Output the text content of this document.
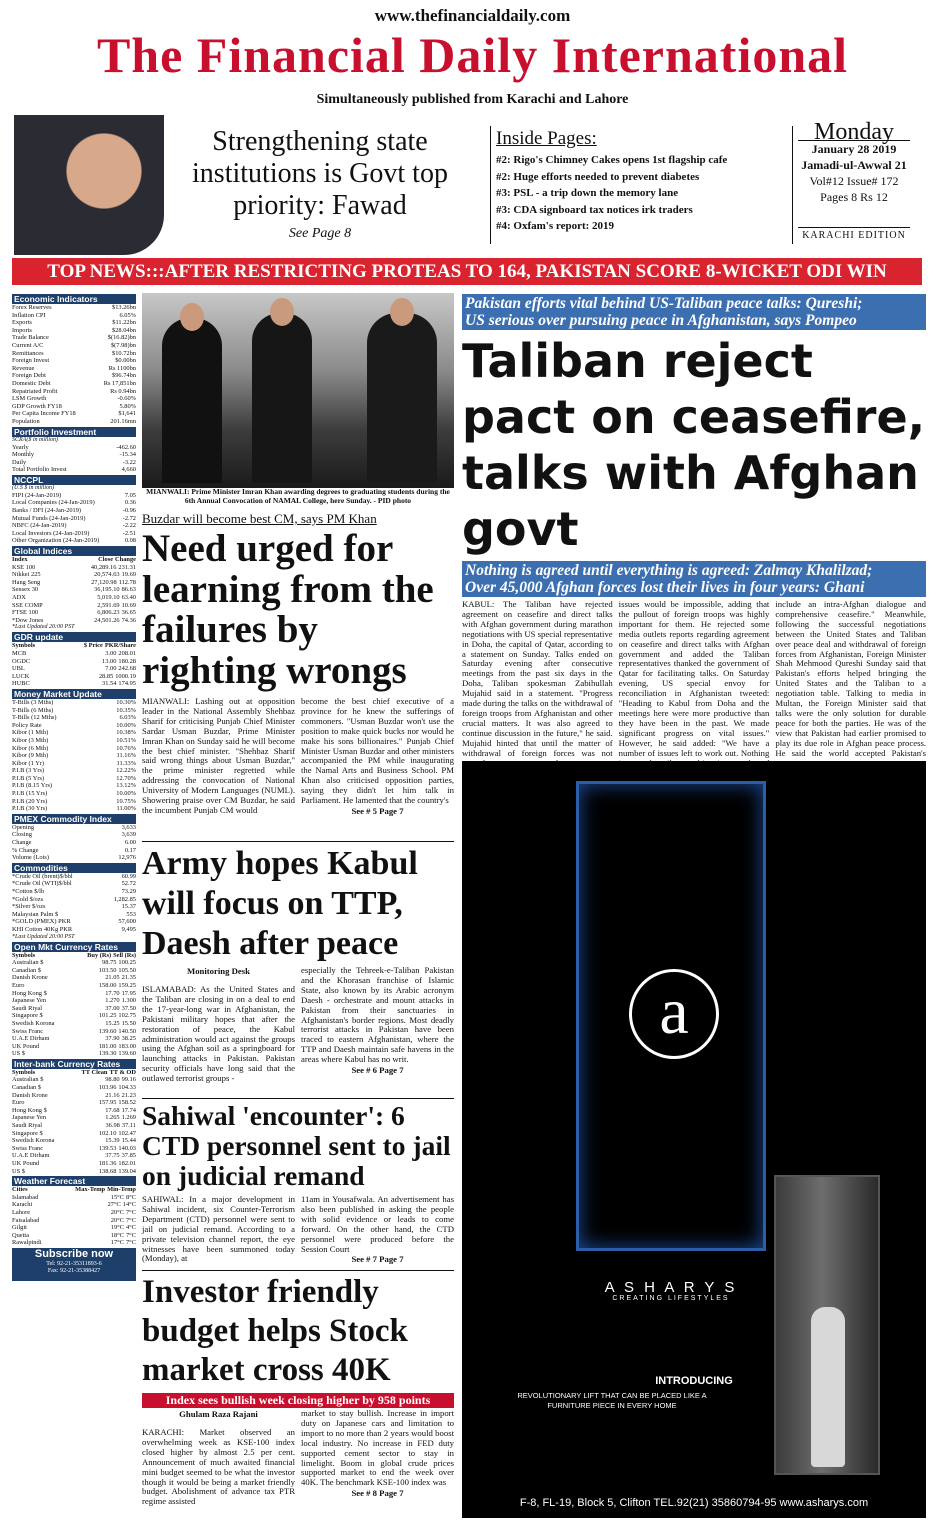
www.thefinancialdaily.com
The Financial Daily International
Simultaneously published from Karachi and Lahore
Strengthening state institutions is Govt top priority: Fawad
See Page 8
Inside Pages:
#2: Rigo's Chimney Cakes opens 1st flagship cafe
#2: Huge efforts needed to prevent diabetes
#3: PSL - a trip down the memory lane
#3: CDA signboard tax notices irk traders
#4: Oxfam's report: 2019
Monday
January 28 2019
Jamadi-ul-Awwal 21
Vol#12 Issue# 172
Pages 8 Rs 12
KARACHI EDITION
TOP NEWS:::AFTER RESTRICTING PROTEAS TO 164, PAKISTAN SCORE 8-WICKET ODI WIN
Economic Indicators
Forex Reserves	$13.26bn
Inflation CPI	6.05%
Exports	$11.22bn
Imports	$28.04bn
Trade Balance	$(16.82)bn
Current A/C	$(7.98)bn
Remittances	$10.72bn
Foreign Invest	$0.00bn
Revenue	Rs 1100bn
Foreign Debt	$96.74bn
Domestic Debt	Rs 17,851bn
Repatriated Profit	Rs 0.94bn
LSM Growth	-0.60%
GDP Growth FY18	5.80%
Per Capita Income FY18	$1,641
Population	201.16mn
Portfolio Investment
SCRA($ in million)
Yearly	-462.60
Monthly	-15.34
Daily	-3.22
Total Portfolio Invest	4,660
NCCPL
(U.S $ in million)
FIPI (24-Jan-2019)	7.05
Local Companies (24-Jan-2019)	0.36
Banks / DFI (24-Jan-2019)	-0.96
Mutual Funds (24-Jan-2019)	-2.72
NBFC (24-Jan-2019)	-2.22
Local Investors (24-Jan-2019)	-2.51
Other Organization (24-Jan-2019)	0.08
Global Indices
Index	Close Change
KSE 100	40,289.16 231.31
Nikkei 225	20,574.63 19.69
Hang Seng	27,120.98 112.78
Sensex 30	36,195.10 86.63
ADX	5,019.10 63.40
SSE COMP	2,591.69 10.69
FTSE 100	6,806.23 36.65
*Dow Jones	24,501.26 74.36
*Last Updated 20:00 PST
GDR update
Symbols	$ Price PKR/Share
MCB	3.00 208.01
OGDC	13.00 180.28
UBL	7.00 242.68
LUCK	28.85 1000.19
HUBC	31.54 174.95
Money Market Update
T-Bills (3 Mths)	10.30%
T-Bills (6 Mths)	10.35%
T-Bills (12 Mths)	6.03%
Policy Rate	10.00%
Kibor (1 Mth)	10.38%
Kibor (3 Mth)	10.51%
Kibor (6 Mth)	10.76%
Kibor (9 Mth)	11.16%
Kibor (1 Yr)	11.33%
P.I.B (3 Yrs)	12.22%
P.I.B (5 Yrs)	12.70%
P.I.B (8.15 Yrs)	13.12%
P.I.B (15 Yrs)	10.00%
P.I.B (20 Yrs)	10.75%
P.I.B (30 Yrs)	11.00%
PMEX Commodity Index
Opening	3,633
Closing	3,639
Change	6.00
% Change	0.17
Volume (Lots)	12,976
Commodities
*Crude Oil (brent)$/bbl	60.99
*Crude Oil (WTI)$/bbl	52.72
*Cotton $/lb	73.29
*Gold $/ozs	1,282.85
*Silver $/ozs	15.37
Malaysian Palm $	553
*GOLD (PMEX) PKR	57,600
KHI Cotton 40Kg PKR	9,495
*Last Updated 20:00 PST
Open Mkt Currency Rates
Symbols	Buy (Rs) Sell (Rs)
Australian $	98.75 100.25
Canadian $	103.50 105.50
Danish Krone	21.05 21.35
Euro	158.00 159.25
Hong Kong $	17.70 17.95
Japanese Yen	1.270 1.300
Saudi Riyal	37.00 37.50
Singapore $	101.25 102.75
Swedish Korona	15.25 15.50
Swiss Franc	139.60 140.50
U.A.E Dirham	37.90 38.25
UK Pound	181.00 183.00
US $	139.30 139.60
Inter-bank Currency Rates
Symbols	TT Clean TT & OD
Australian $	98.80 99.16
Canadian $	103.96 104.33
Danish Krone	21.16 21.23
Euro	157.95 158.52
Hong Kong $	17.68 17.74
Japanese Yen	1.265 1.269
Saudi Riyal	36.98 37.11
Singapore $	102.10 102.47
Swedish Korona	15.39 15.44
Swiss Franc	139.53 140.03
U.A.E Dirham	37.75 37.85
UK Pound	181.36 182.01
US $	138.68 139.04
Weather Forecast
Cities	Max-Temp Min-Temp
Islamabad	15°C 8°C
Karachi	27°C 14°C
Lahore	20°C 7°C
Faisalabad	20°C 7°C
Gilgit	19°C 4°C
Quetta	18°C 7°C
Rawalpindi	17°C 7°C
Subscribe now
Tel: 92-21-35311893-6
Fax: 92-21-35388427
MIANWALI: Prime Minister Imran Khan awarding degrees to graduating students during the 6th Annual Convocation of NAMAL College, here Sunday. - PID photo
Buzdar will become best CM, says PM Khan
Need urged for learning from the failures by righting wrongs
MIANWALI: Lashing out at opposition leader in the National Assembly Shehbaz Sharif for criticising Punjab Chief Minister Sardar Usman Buzdar, Prime Minister Imran Khan on Sunday said he will become the best chief minister. "Shehbaz Sharif said wrong things about Usman Buzdar," the prime minister regretted while addressing the convocation of National University of Modern Languages (NUML). Showering praise over CM Buzdar, he said the incumbent Punjab CM would
become the best chief executive of a province for he knew the sufferings of commoners. "Usman Buzdar won't use the position to make quick bucks nor would he make his sons billionaires." Punjab Chief Minister Usman Buzdar and other ministers accompanied the PM while inaugurating the Namal Arts and Business School. PM Khan also criticised opposition parties, saying they didn't let him talk in Parliament. He lamented that the country's
See # 5 Page 7
Army hopes Kabul will focus on TTP, Daesh after peace
Monitoring Desk
ISLAMABAD: As the United States and the Taliban are closing in on a deal to end the 17-year-long war in Afghanistan, the Pakistani military hopes that after the restoration of peace, the Kabul administration would act against the groups using the Afghan soil as a springboard for launching attacks in Pakistan. Pakistan security officials have long said that the outlawed terrorist groups -
especially the Tehreek-e-Taliban Pakistan and the Khorasan franchise of Islamic State, also known by its Arabic acronym Daesh - orchestrate and mount attacks in Pakistan from their sanctuaries in Afghanistan's border regions. Most deadly terrorist attacks in Pakistan have been traced to eastern Afghanistan, where the TTP and Daesh maintain safe havens in the areas where Kabul has no writ.
See # 6 Page 7
Sahiwal 'encounter': 6 CTD personnel sent to jail on judicial remand
SAHIWAL: In a major development in Sahiwal incident, six Counter-Terrorism Department (CTD) personnel were sent to jail on judicial remand. According to a private television channel report, the eye witnesses have been summoned today (Monday), at
11am in Yousafwala. An advertisement has also been published in asking the people with solid evidence or leads to come forward. On the other hand, the CTD personnel were produced before the Session Court
See # 7 Page 7
Investor friendly budget helps Stock market cross 40K
Index sees bullish week closing higher by 958 points
Ghulam Raza Rajani
KARACHI: Market observed an overwhelming week as KSE-100 index closed higher by almost 2.5 per cent. Announcement of much awaited financial mini budget seemed to be what the investor though it would be being a market friendly budget. Abolishment of advance tax PTR regime assisted
market to stay bullish. Increase in import duty on Japanese cars and limitation to import to no more than 2 years would boost local industry. No increase in FED duty supported cement sector to stay in limelight. Boom in global crude prices supported market to end the week over 40K. The benchmark KSE-100 index was
See # 8 Page 7
Pakistan efforts vital behind US-Taliban peace talks: Qureshi;
US serious over pursuing peace in Afghanistan, says Pompeo
Taliban reject pact on ceasefire, talks with Afghan govt
Nothing is agreed until everything is agreed: Zalmay Khalilzad;
Over 45,000 Afghan forces lost their lives in four years: Ghani
KABUL: The Taliban have rejected agreement on ceasefire and direct talks with Afghan government during marathon negotiations with US special representative in Doha, the capital of Qatar, according to a statement on Sunday. Talks ended on Saturday evening after consecutive meetings from the past six days in the Doha, Taliban spokesman Zabihullah Mujahid said in a statement. "Progress made during the talks on the withdrawal of foreign troops from Afghanistan and other crucial matters. It was also agreed to continue discussion in the future," he said. Mujahid hinted that until the matter of withdrawal of foreign forces was not
issues would be impossible, adding that the pullout of foreign troops was highly important for them. He rejected some media outlets reports regarding agreement on ceasefire and direct talks with Afghan government and added the Taliban representatives thanked the government of Qatar for facilitating talks. On Saturday evening, US special envoy for reconciliation in Afghanistan tweeted: "Heading to Kabul from Doha and the meetings here were more productive than they have been in the past. We made significant progress on vital issues." However, he said added: "We have a number of issues left to work out. Nothing
include an intra-Afghan dialogue and comprehensive ceasefire." Meanwhile, following the successful negotiations between the United States and Taliban over peace deal and withdrawal of foreign forces from Afghanistan, Foreign Minister Shah Mehmood Qureshi Sunday said that Pakistan's efforts helped bringing the United States and the Taliban to a negotiation table. Talking to media in Multan, the Foreign Minister said that talks were the only solution for durable peace for both the parties. He was of the view that Pakistan had earlier promised to play its due role in Afghan peace process. He said the world accepted Pakistan's
a
INTRODUCING
REVOLUTIONARY LIFT THAT CAN BE PLACED LIKE A
FURNITURE PIECE IN EVERY HOME
A S H A R Y S
CREATING LIFESTYLES
F-8, FL-19, Block 5, Clifton TEL.92(21) 35860794-95 www.asharys.com
